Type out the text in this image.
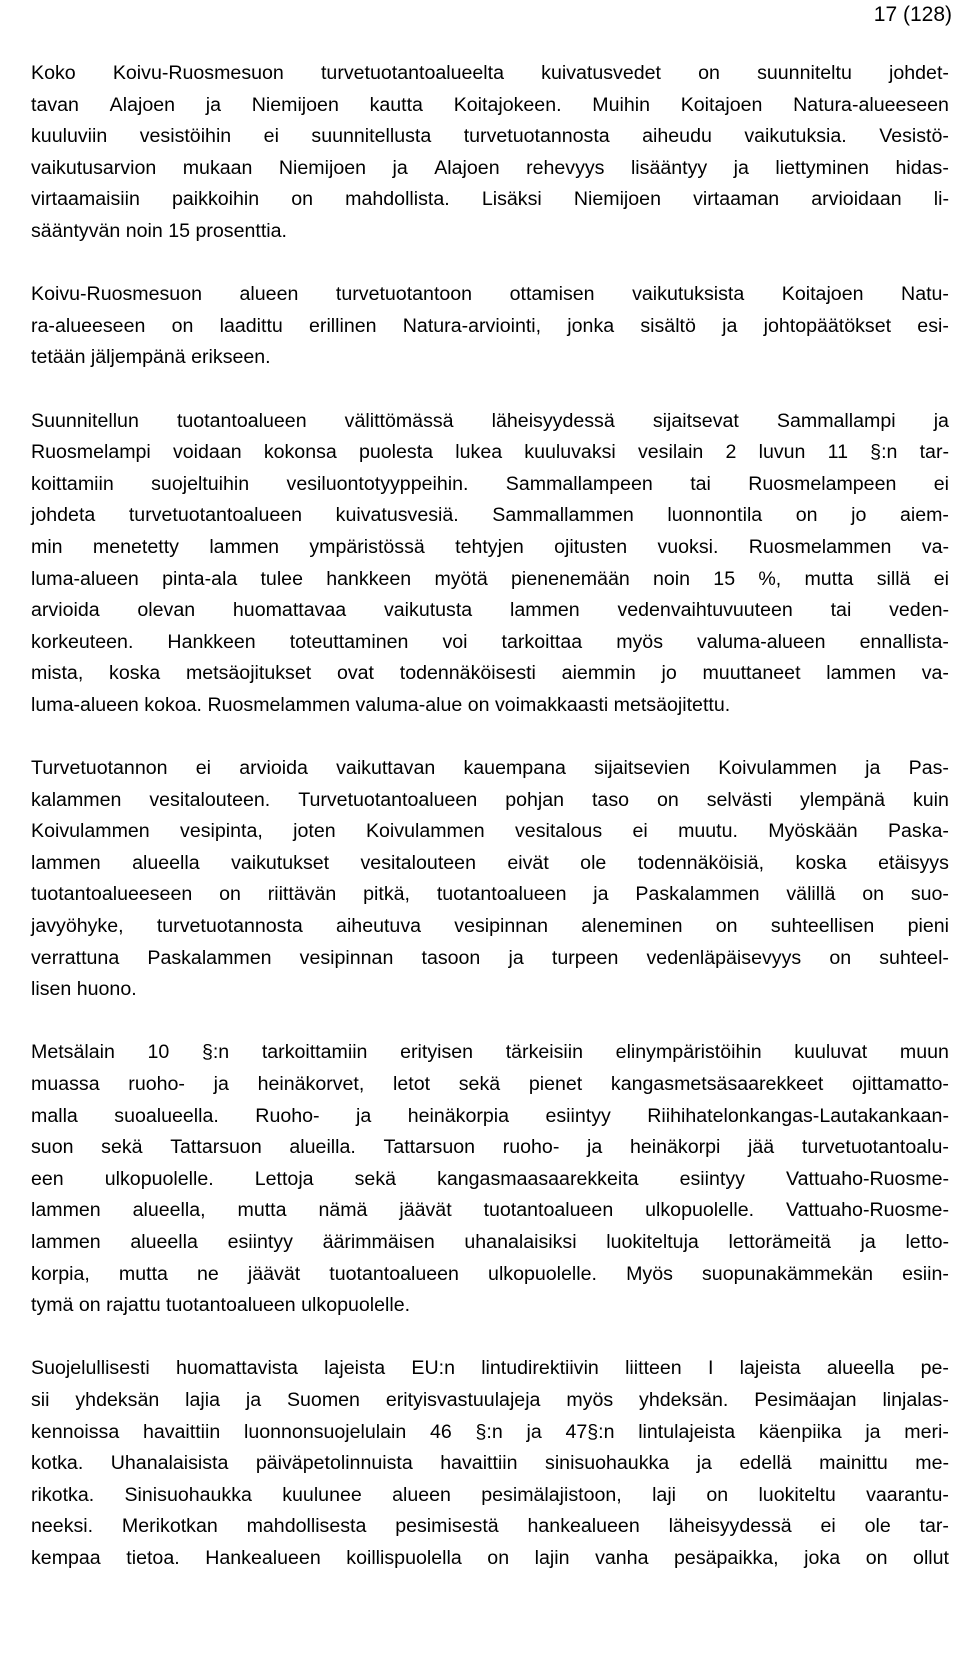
17 (128)
Koko Koivu-Ruosmesuon turvetuotantoalueelta kuivatusvedet on suunniteltu johdet-
tavan Alajoen ja Niemijoen kautta Koitajokeen. Muihin Koitajoen Natura-alueeseen
kuuluviin vesistöihin ei suunnitellusta turvetuotannosta aiheudu vaikutuksia. Vesistö-
vaikutusarvion mukaan Niemijoen ja Alajoen rehevyys lisääntyy ja liettyminen hidas-
virtaamaisiin paikkoihin on mahdollista. Lisäksi Niemijoen virtaaman arvioidaan li-
sääntyvän noin 15 prosenttia.
Koivu-Ruosmesuon alueen turvetuotantoon ottamisen vaikutuksista Koitajoen Natu-
ra-alueeseen on laadittu erillinen Natura-arviointi, jonka sisältö ja johtopäätökset esi-
tetään jäljempänä erikseen.
Suunnitellun tuotantoalueen välittömässä läheisyydessä sijaitsevat Sammallampi ja
Ruosmelampi voidaan kokonsa puolesta lukea kuuluvaksi vesilain 2 luvun 11 §:n tar-
koittamiin suojeltuihin vesiluontotyyppeihin. Sammallampeen tai Ruosmelampeen ei
johdeta turvetuotantoalueen kuivatusvesiä. Sammallammen luonnontila on jo aiem-
min menetetty lammen ympäristössä tehtyjen ojitusten vuoksi. Ruosmelammen va-
luma-alueen pinta-ala tulee hankkeen myötä pienenemään noin 15 %, mutta sillä ei
arvioida olevan huomattavaa vaikutusta lammen vedenvaihtuvuuteen tai veden-
korkeuteen. Hankkeen toteuttaminen voi tarkoittaa myös valuma-alueen ennallista-
mista, koska metsäojitukset ovat todennäköisesti aiemmin jo muuttaneet lammen va-
luma-alueen kokoa. Ruosmelammen valuma-alue on voimakkaasti metsäojitettu.
Turvetuotannon ei arvioida vaikuttavan kauempana sijaitsevien Koivulammen ja Pas-
kalammen vesitalouteen. Turvetuotantoalueen pohjan taso on selvästi ylempänä kuin
Koivulammen vesipinta, joten Koivulammen vesitalous ei muutu. Myöskään Paska-
lammen alueella vaikutukset vesitalouteen eivät ole todennäköisiä, koska etäisyys
tuotantoalueeseen on riittävän pitkä, tuotantoalueen ja Paskalammen välillä on suo-
javyöhyke, turvetuotannosta aiheutuva vesipinnan aleneminen on suhteellisen pieni
verrattuna Paskalammen vesipinnan tasoon ja turpeen vedenläpäisevyys on suhteel-
lisen huono.
Metsälain 10 §:n tarkoittamiin erityisen tärkeisiin elinympäristöihin kuuluvat muun
muassa ruoho- ja heinäkorvet, letot sekä pienet kangasmetsäsaarekkeet ojittamatto-
malla suoalueella. Ruoho- ja heinäkorpia esiintyy Riihihatelonkangas-Lautakankaan-
suon sekä Tattarsuon alueilla. Tattarsuon ruoho- ja heinäkorpi jää turvetuotantoalu-
een ulkopuolelle. Lettoja sekä kangasmaasaarekkeita esiintyy Vattuaho-Ruosme-
lammen alueella, mutta nämä jäävät tuotantoalueen ulkopuolelle. Vattuaho-Ruosme-
lammen alueella esiintyy äärimmäisen uhanalaisiksi luokiteltuja lettorämeitä ja letto-
korpia, mutta ne jäävät tuotantoalueen ulkopuolelle. Myös suopunakämmekän esiin-
tymä on rajattu tuotantoalueen ulkopuolelle.
Suojelullisesti huomattavista lajeista EU:n lintudirektiivin liitteen I lajeista alueella pe-
sii yhdeksän lajia ja Suomen erityisvastuulajeja myös yhdeksän. Pesimäajan linjalas-
kennoissa havaittiin luonnonsuojelulain 46 §:n ja 47§:n lintulajeista käenpiika ja meri-
kotka. Uhanalaisista päiväpetolinnuista havaittiin sinisuohaukka ja edellä mainittu me-
rikotka. Sinisuohaukka kuulunee alueen pesimälajistoon, laji on luokiteltu vaarantu-
neeksi. Merikotkan mahdollisesta pesimisestä hankealueen läheisyydessä ei ole tar-
kempaa tietoa. Hankealueen koillispuolella on lajin vanha pesäpaikka, joka on ollut
